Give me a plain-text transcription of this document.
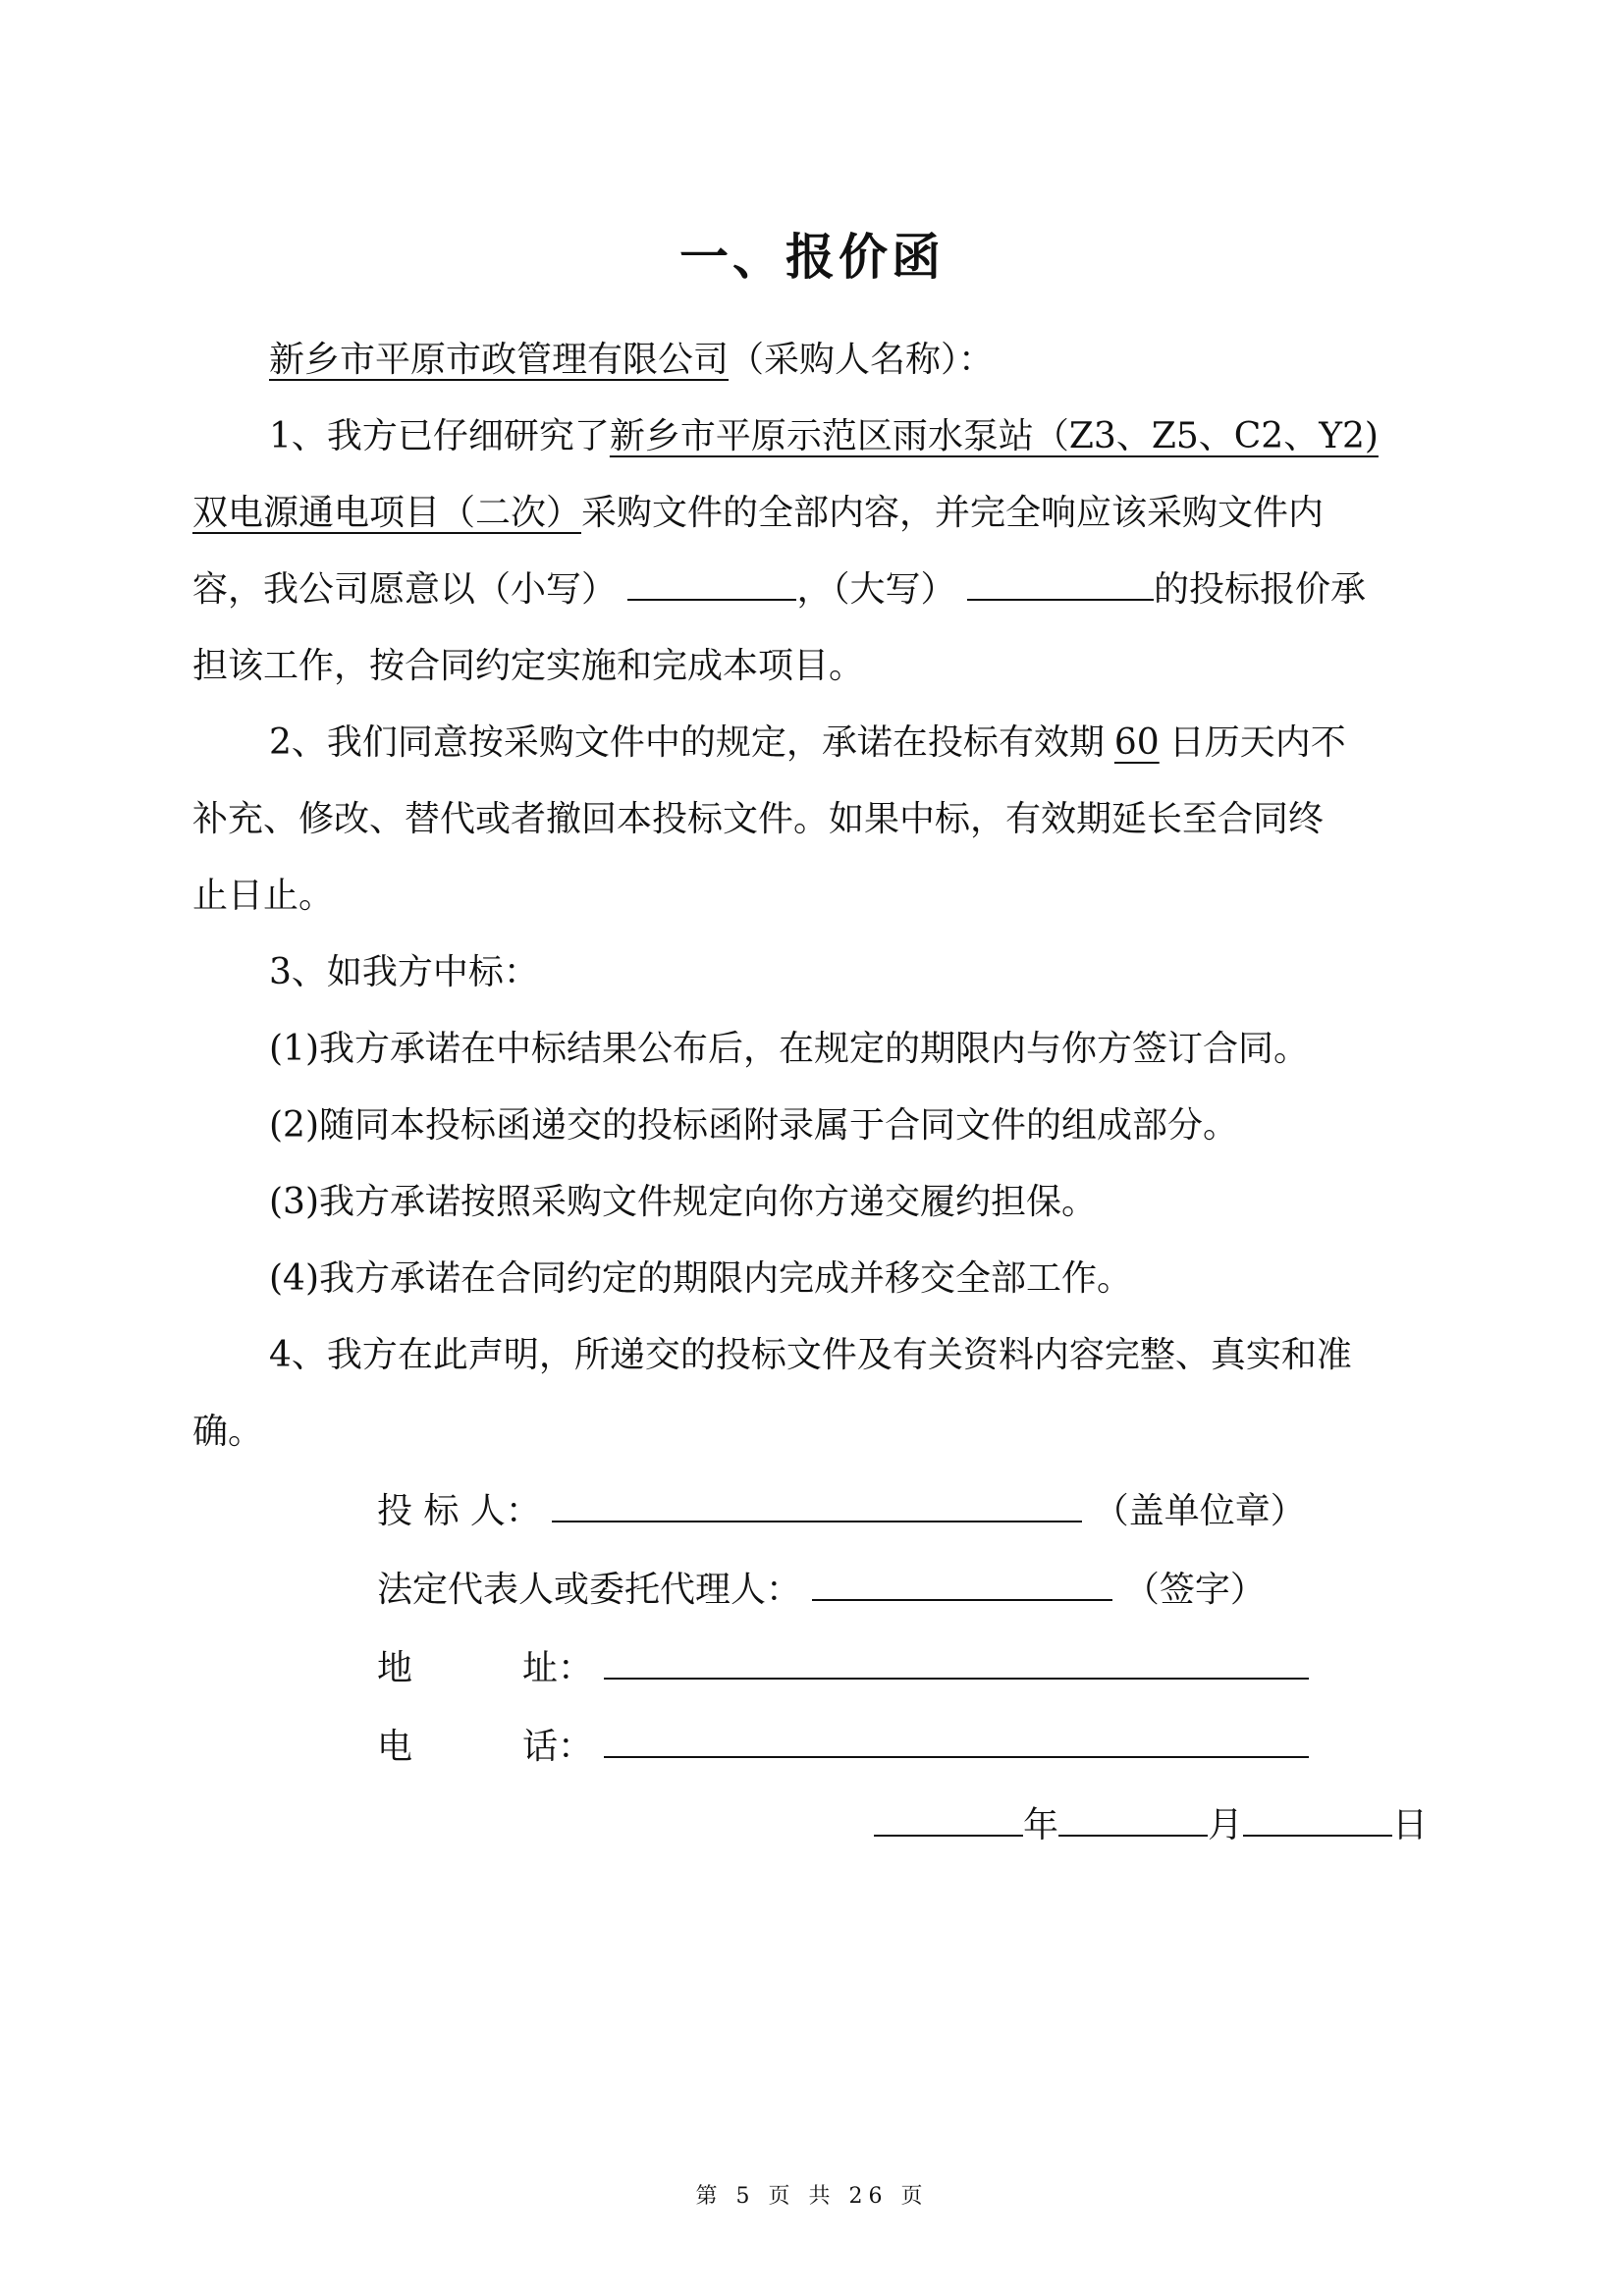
一、报价函
新乡市平原市政管理有限公司（采购人名称）：
1、我方已仔细研究了新乡市平原示范区雨水泵站（Z3、Z5、C2、Y2)
双电源通电项目（二次）采购文件的全部内容，并完全响应该采购文件内
容，我公司愿意以（小写）	，（大写）	的投标报价承
担该工作，按合同约定实施和完成本项目。
2、我们同意按采购文件中的规定，承诺在投标有效期 60 日历天内不
补充、修改、替代或者撤回本投标文件。如果中标，有效期延长至合同终
止日止。
3、如我方中标：
(1)我方承诺在中标结果公布后，在规定的期限内与你方签订合同。
(2)随同本投标函递交的投标函附录属于合同文件的组成部分。
(3)我方承诺按照采购文件规定向你方递交履约担保。
(4)我方承诺在合同约定的期限内完成并移交全部工作。
4、我方在此声明，所递交的投标文件及有关资料内容完整、真实和准
确。
投 标 人：	（盖单位章）
法定代表人或委托代理人：	（签字）
地	址：
电	话：
年	月	日
第 5 页 共 26 页
